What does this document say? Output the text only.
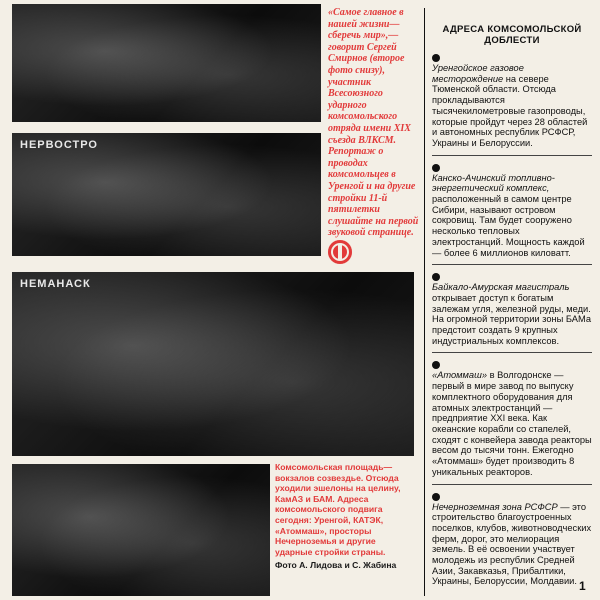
НЕРВОСТРО
НЕМАНАСК
«Самое главное в нашей жизни— сберечь мир»,— говорит Сергей Смирнов (второе фото снизу), участник Всесоюзного ударного комсомольского отряда имени XIX съезда ВЛКСМ. Репортаж о проводах комсомольцев в Уренгой и на другие стройки 11-й пятилетки слушайте на первой звуковой странице.
Комсомольская площадь— вокзалов созвездье. Отсюда уходили эшелоны на целину, КамАЗ и БАМ. Адреса комсомольского подвига сегодня: Уренгой, КАТЭК, «Атоммаш», просторы Нечерноземья и другие ударные стройки страны.
Фото А. Лидова и С. Жабина
АДРЕСА КОМСОМОЛЬСКОЙ ДОБЛЕСТИ
Уренгойское газовое месторождение на севере Тюменской области. Отсюда прокладываются тысячекилометровые газопроводы, которые пройдут через 28 областей и автономных республик РСФСР, Украины и Белоруссии.
Канско-Ачинский топливно-энергетический комплекс, расположенный в самом центре Сибири, называют островом сокровищ. Там будет сооружено несколько тепловых электростанций. Мощность каждой — более 6 миллионов киловатт.
Байкало-Амурская магистраль открывает доступ к богатым залежам угля, железной руды, меди. На огромной территории зоны БАМа предстоит создать 9 крупных индустриальных комплексов.
«Атоммаш» в Волгодонске — первый в мире завод по выпуску комплектного оборудования для атомных электростанций — предприятие XXI века. Как океанские корабли со стапелей, сходят с конвейера завода реакторы весом до тысячи тонн. Ежегодно «Атоммаш» будет производить 8 уникальных реакторов.
Нечерноземная зона РСФСР — это строительство благоустроенных поселков, клубов, животноводческих ферм, дорог, это мелиорация земель. В её освоении участвует молодежь из республик Средней Азии, Закавказья, Прибалтики, Украины, Белоруссии, Молдавии. 1
